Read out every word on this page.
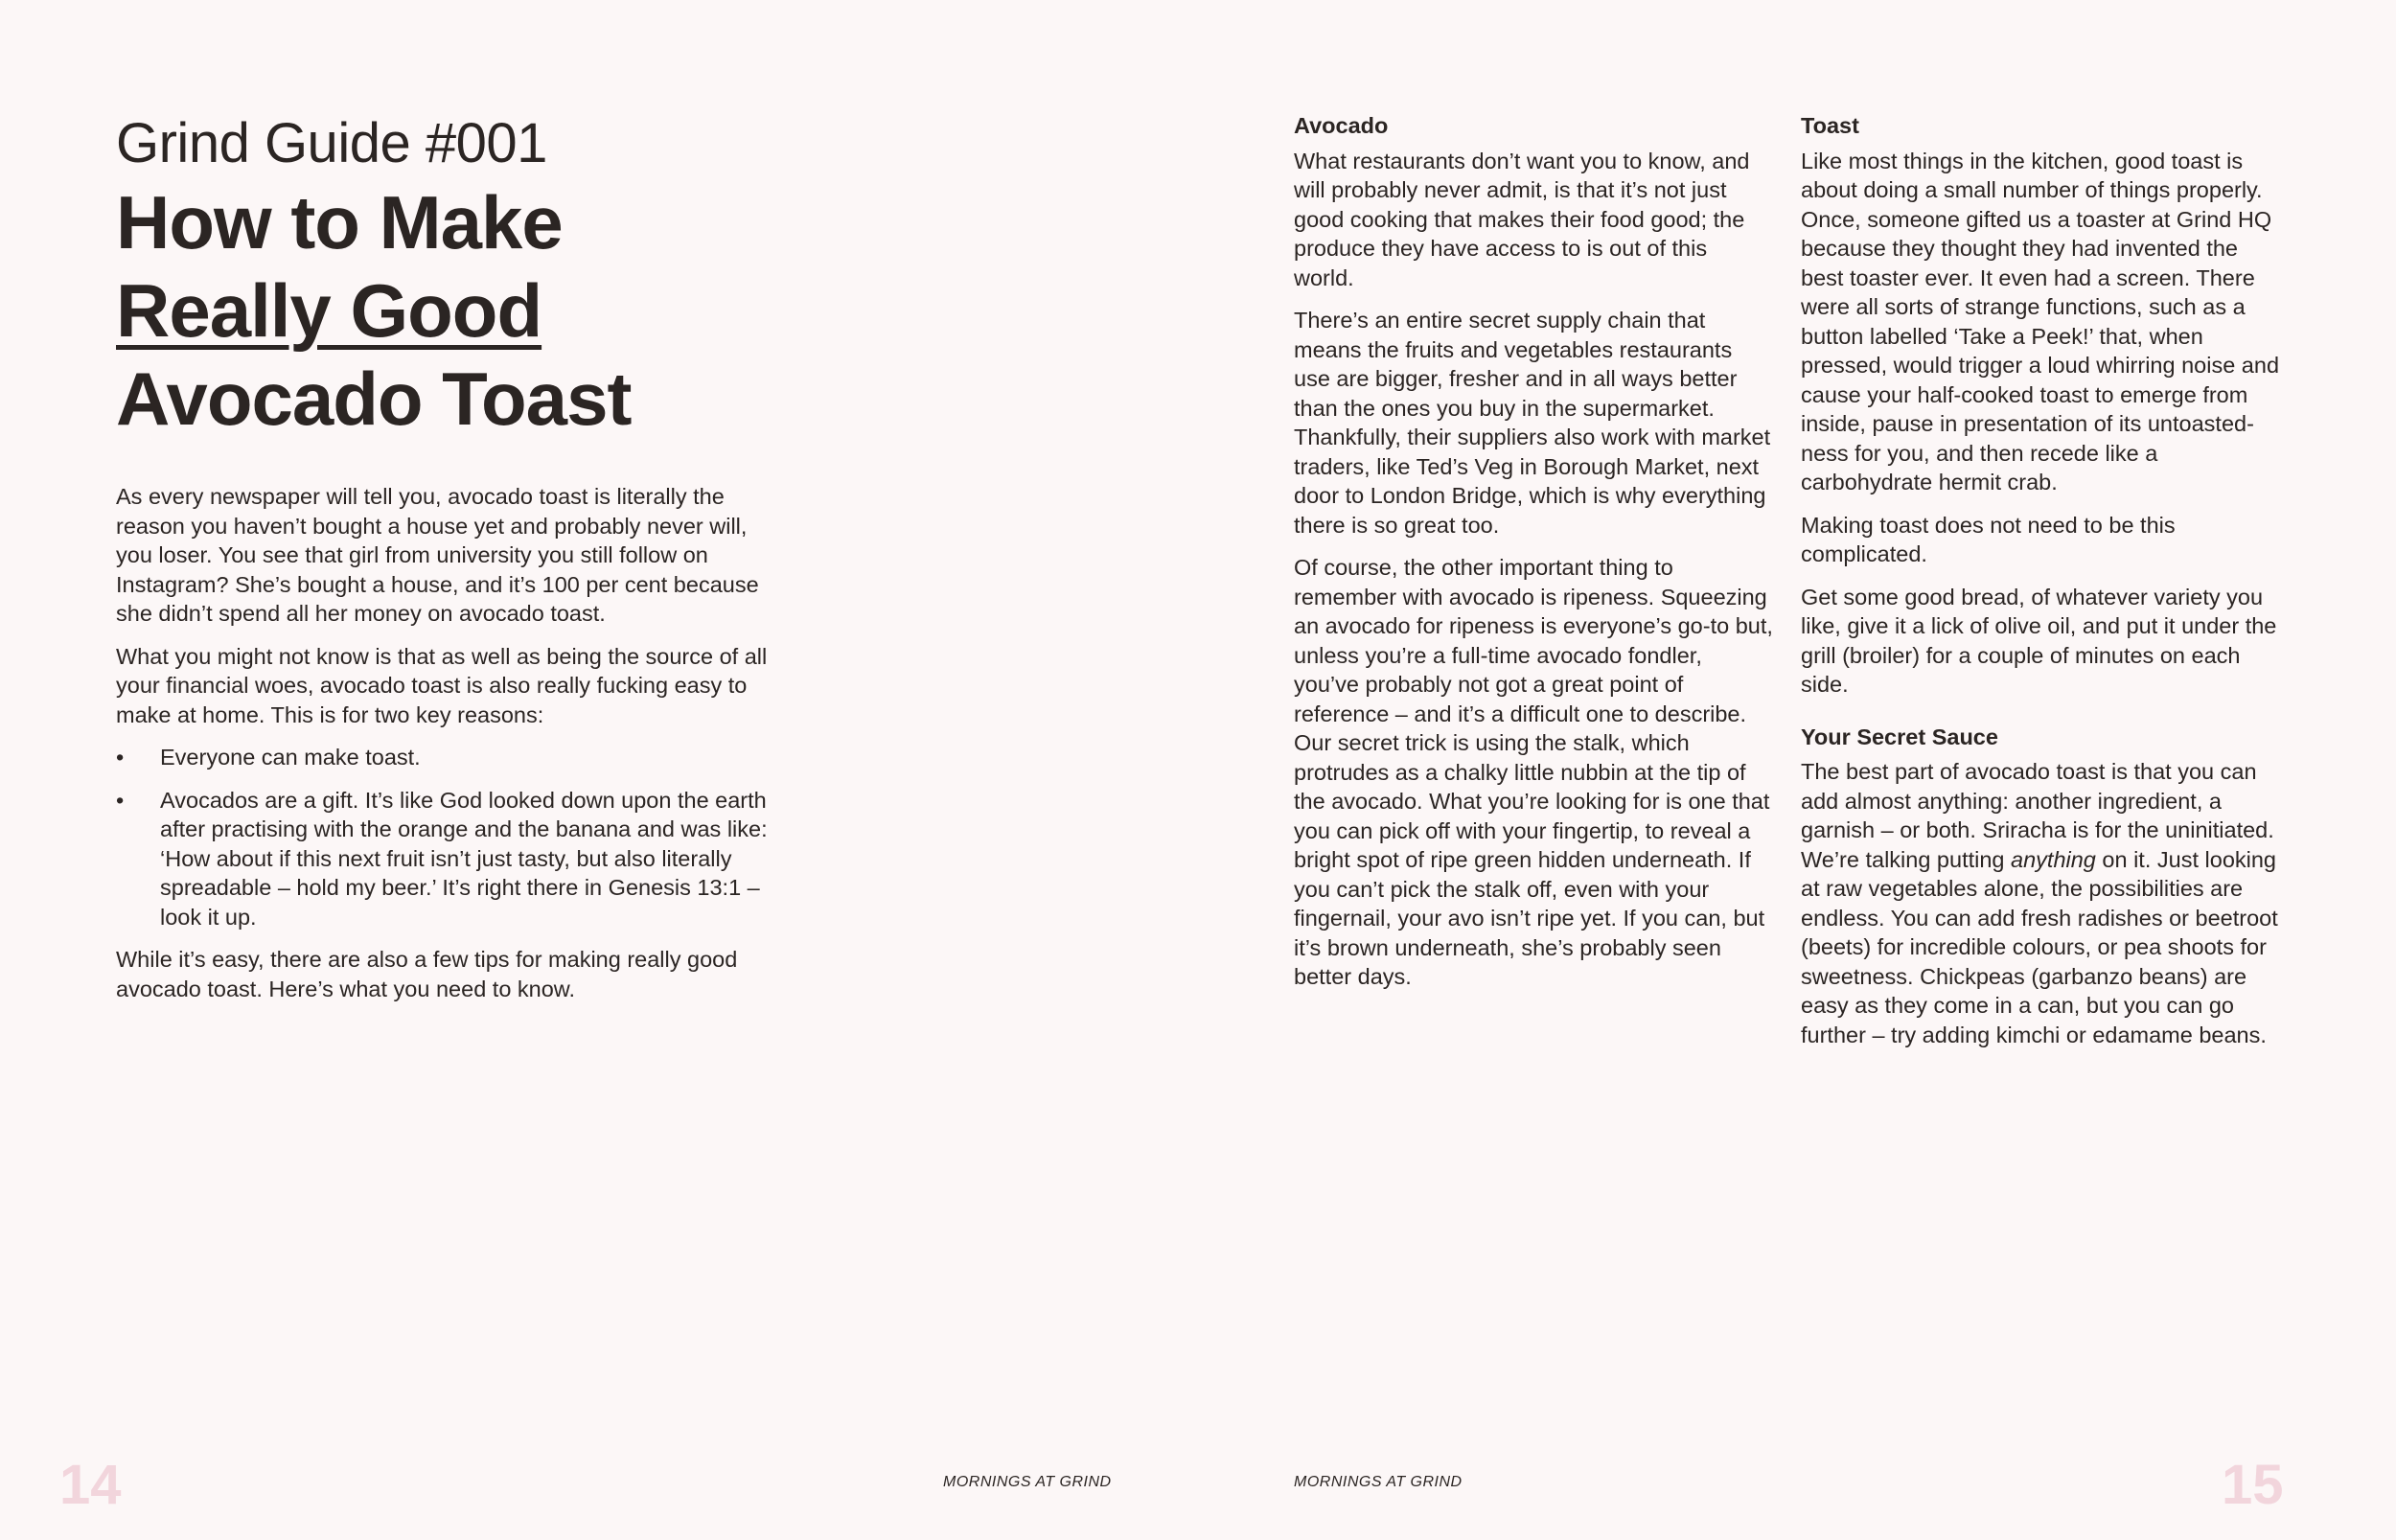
Grind Guide #001
How to Make
Really Good
Avocado Toast

As every newspaper will tell you, avocado toast is literally the reason you haven’t bought a house yet and probably never will, you loser. You see that girl from university you still follow on Instagram? She’s bought a house, and it’s 100 per cent because she didn’t spend all her money on avocado toast.

What you might not know is that as well as being the source of all your financial woes, avocado toast is also really fucking easy to make at home. This is for two key reasons:

• Everyone can make toast.
• Avocados are a gift. It’s like God looked down upon the earth after practising with the orange and the banana and was like: ‘How about if this next fruit isn’t just tasty, but also literally spreadable – hold my beer.’ It’s right there in Genesis 13:1 – look it up.

While it’s easy, there are also a few tips for making really good avocado toast. Here’s what you need to know.

14	MORNINGS AT GRIND
Avocado

What restaurants don’t want you to know, and will probably never admit, is that it’s not just good cooking that makes their food good; the produce they have access to is out of this world.

There’s an entire secret supply chain that means the fruits and vegetables restaurants use are bigger, fresher and in all ways better than the ones you buy in the supermarket. Thankfully, their suppliers also work with market traders, like Ted’s Veg in Borough Market, next door to London Bridge, which is why everything there is so great too.

Of course, the other important thing to remember with avocado is ripeness. Squeezing an avocado for ripeness is everyone’s go-to but, unless you’re a full-time avocado fondler, you’ve probably not got a great point of reference – and it’s a difficult one to describe. Our secret trick is using the stalk, which protrudes as a chalky little nubbin at the tip of the avocado. What you’re looking for is one that you can pick off with your fingertip, to reveal a bright spot of ripe green hidden underneath. If you can’t pick the stalk off, even with your fingernail, your avo isn’t ripe yet. If you can, but it’s brown underneath, she’s probably seen better days.

Toast

Like most things in the kitchen, good toast is about doing a small number of things properly. Once, someone gifted us a toaster at Grind HQ because they thought they had invented the best toaster ever. It even had a screen. There were all sorts of strange functions, such as a button labelled ‘Take a Peek!’ that, when pressed, would trigger a loud whirring noise and cause your half-cooked toast to emerge from inside, pause in presentation of its untoasted-ness for you, and then recede like a carbohydrate hermit crab.

Making toast does not need to be this complicated.

Get some good bread, of whatever variety you like, give it a lick of olive oil, and put it under the grill (broiler) for a couple of minutes on each side.

Your Secret Sauce

The best part of avocado toast is that you can add almost anything: another ingredient, a garnish – or both. Sriracha is for the uninitiated. We’re talking putting anything on it. Just looking at raw vegetables alone, the possibilities are endless. You can add fresh radishes or beetroot (beets) for incredible colours, or pea shoots for sweetness. Chickpeas (garbanzo beans) are easy as they come in a can, but you can go further – try adding kimchi or edamame beans.

MORNINGS AT GRIND	15
